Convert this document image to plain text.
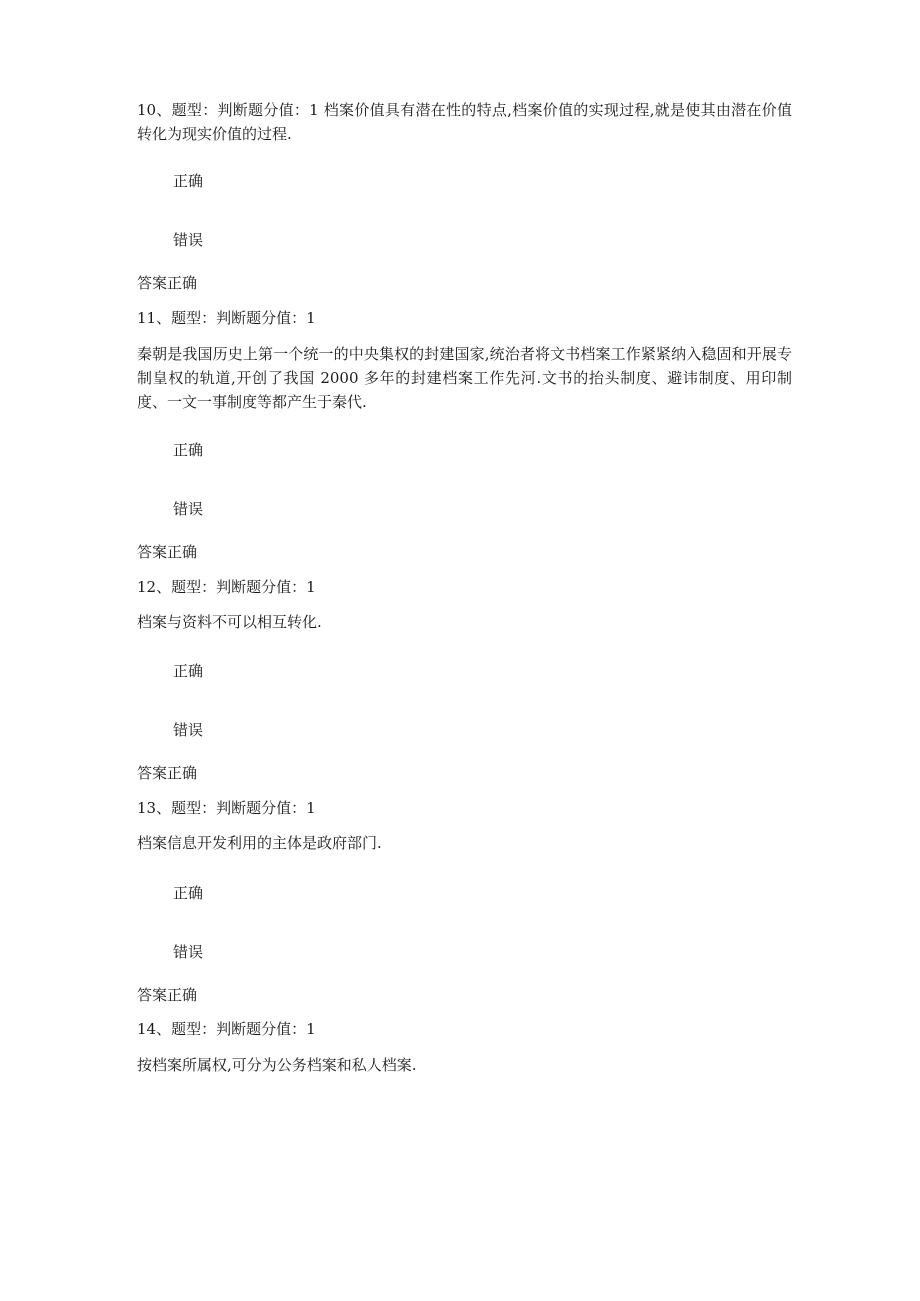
10、题型：判断题分值：1 档案价值具有潜在性的特点,档案价值的实现过程,就是使其由潜在价值转化为现实价值的过程.
正确
错误
答案正确
11、题型：判断题分值：1
秦朝是我国历史上第一个统一的中央集权的封建国家,统治者将文书档案工作紧紧纳入稳固和开展专制皇权的轨道,开创了我国 2000 多年的封建档案工作先河.文书的抬头制度、避讳制度、用印制度、一文一事制度等都产生于秦代.
正确
错误
答案正确
12、题型：判断题分值：1
档案与资料不可以相互转化.
正确
错误
答案正确
13、题型：判断题分值：1
档案信息开发利用的主体是政府部门.
正确
错误
答案正确
14、题型：判断题分值：1
按档案所属权,可分为公务档案和私人档案.
